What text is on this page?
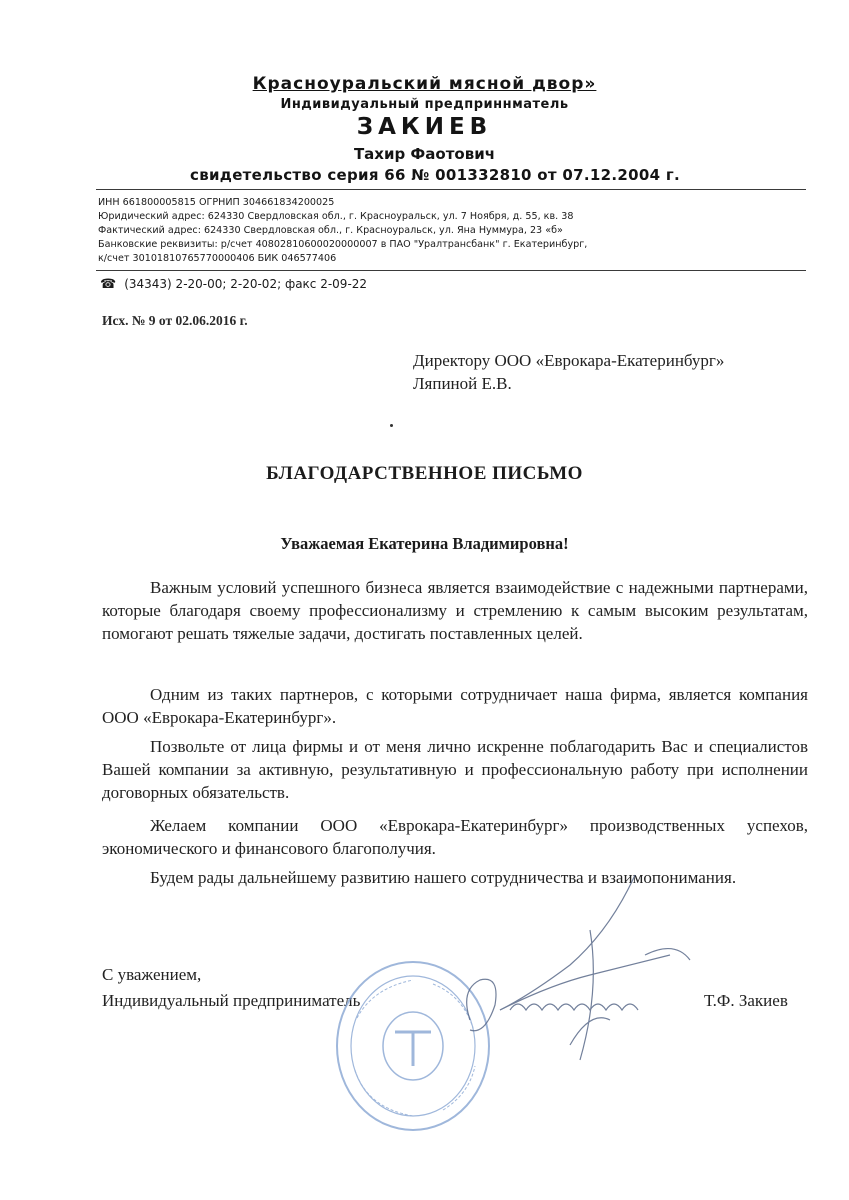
Красноуральский мясной двор»
Индивидуальный предприннматель
ЗАКИЕВ
Тахир Фаотович
свидетельство серия 66 № 001332810 от 07.12.2004 г.
ИНН 661800005815 ОГРНИП 304661834200025
Юридический адрес: 624330 Свердловская обл., г. Красноуральск, ул. 7 Ноября, д. 55, кв. 38
Фактический адрес: 624330 Свердловская обл., г. Красноуральск, ул. Яна Нуммура, 23 «б»
Банковские реквизиты: р/счет 40802810600020000007 в ПАО "Уралтрансбанк" г. Екатеринбург,
к/счет 30101810765770000406 БИК 046577406
☎ (34343) 2-20-00; 2-20-02; факс 2-09-22
Исх. № 9 от 02.06.2016 г.
Директору ООО «Еврокара-Екатеринбург»
Ляпиной Е.В.
БЛАГОДАРСТВЕННОЕ ПИСЬМО
Уважаемая Екатерина Владимировна!
Важным условий успешного бизнеса является взаимодействие с надежными партнерами, которые благодаря своему профессионализму и стремлению к самым высоким результатам, помогают решать тяжелые задачи, достигать поставленных целей.
Одним из таких партнеров, с которыми сотрудничает наша фирма, является компания ООО «Еврокара-Екатеринбург».
Позвольте от лица фирмы и от меня лично искренне поблагодарить Вас и специалистов Вашей компании за активную, результативную и профессиональную работу при исполнении договорных обязательств.
Желаем компании ООО «Еврокара-Екатеринбург» производственных успехов, экономического и финансового благополучия.
Будем рады дальнейшему развитию нашего сотрудничества и взаимопонимания.
С уважением,
Индивидуальный предприниматель	Т.Ф. Закиев
